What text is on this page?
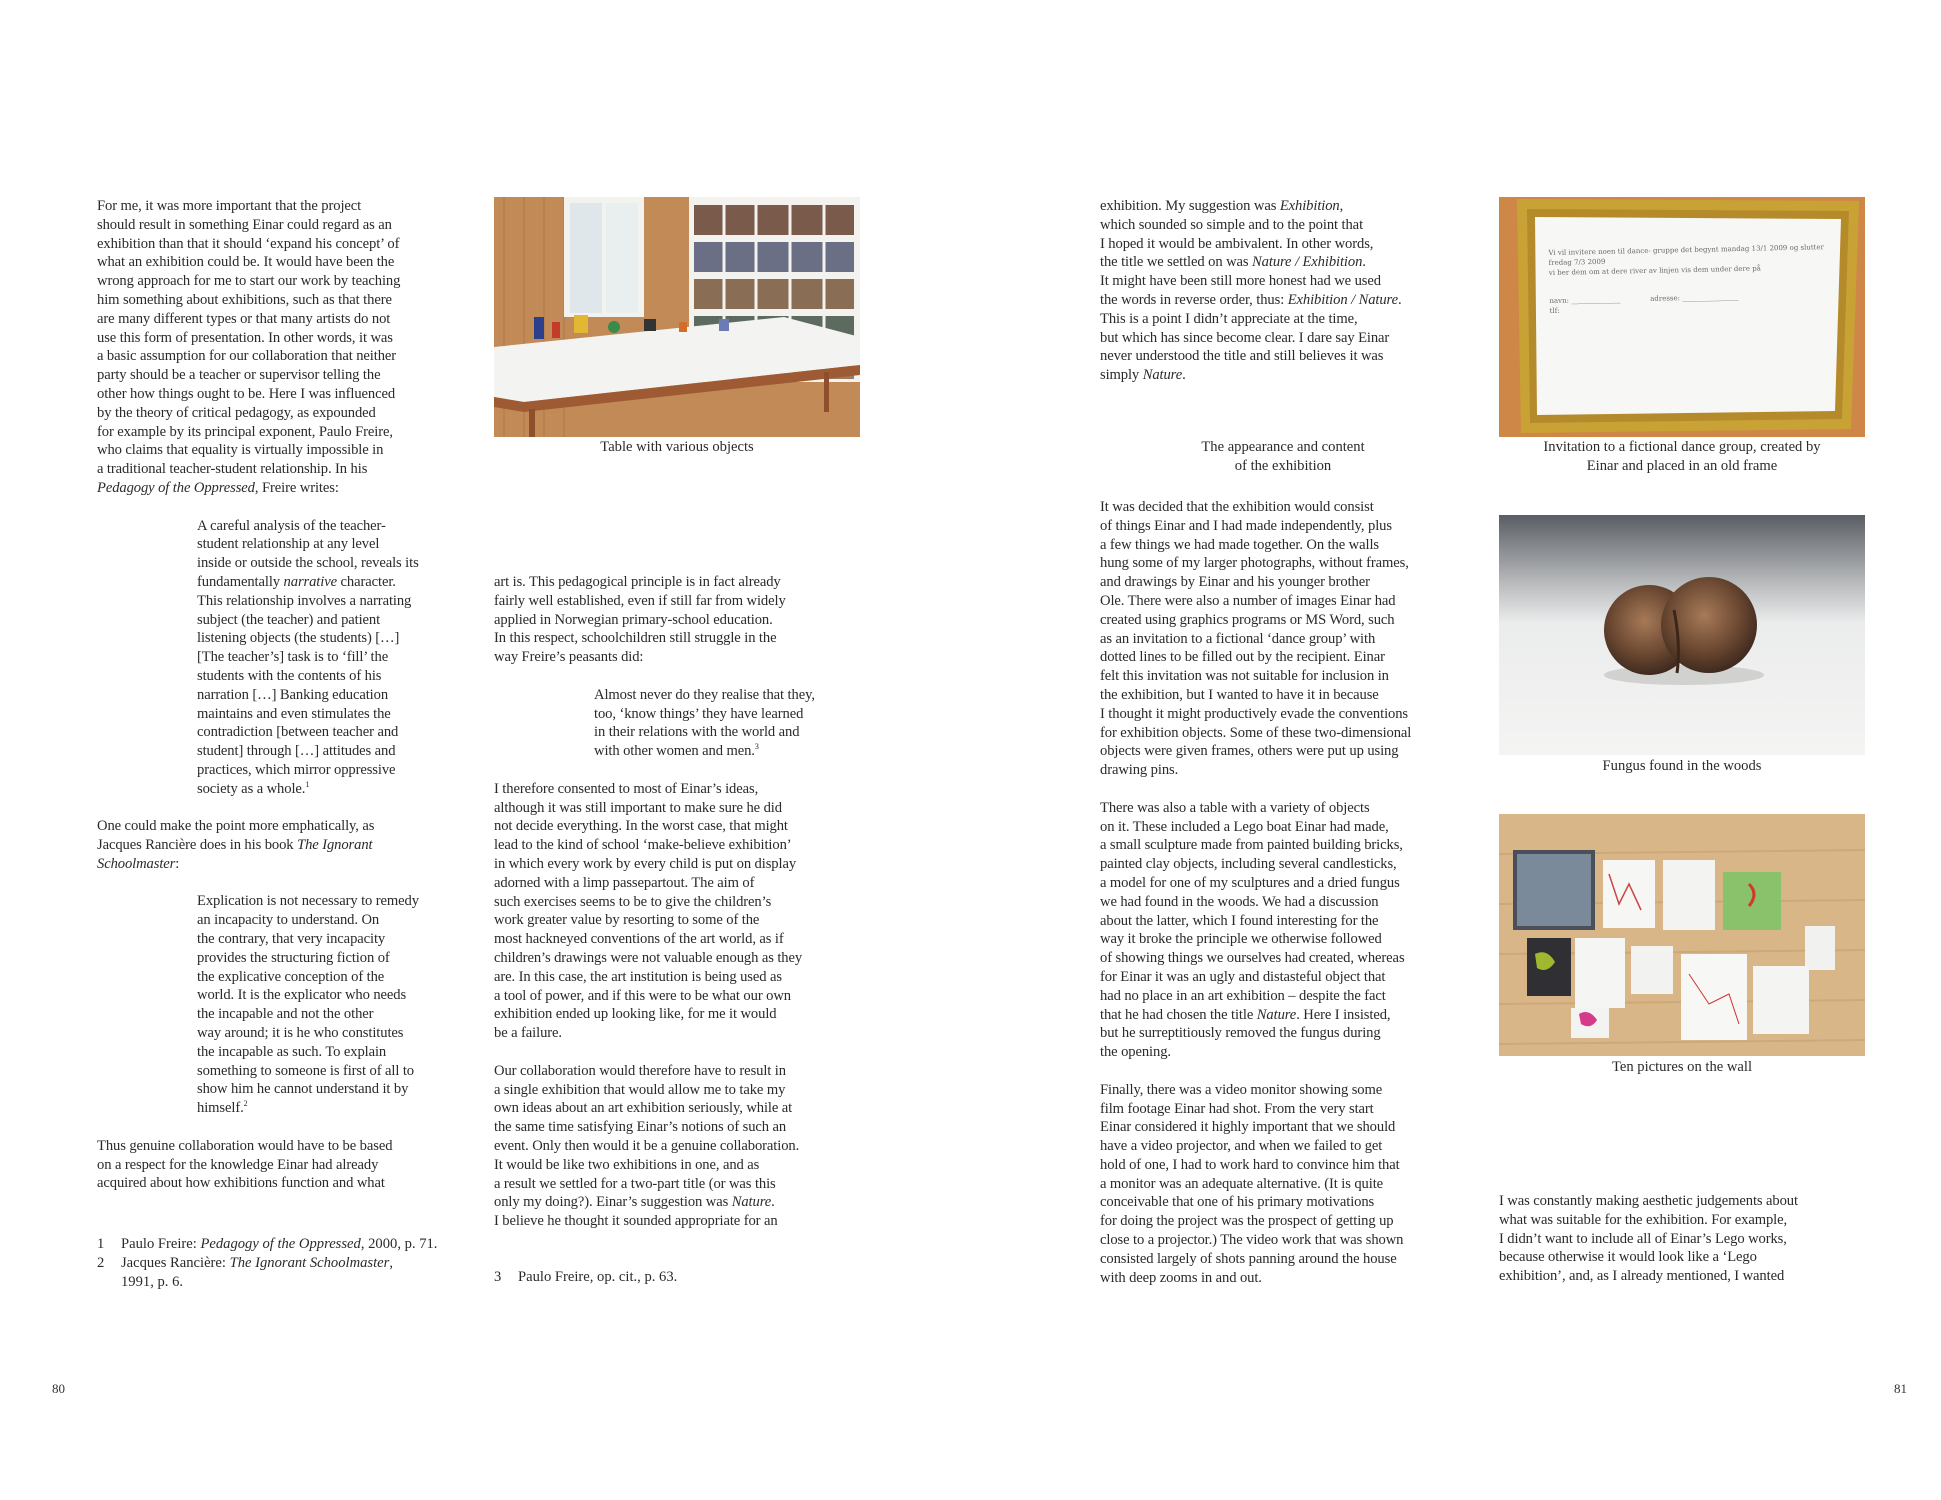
For me, it was more important that the project
should result in something Einar could regard as an
exhibition than that it should ‘expand his concept’ of
what an exhibition could be. It would have been the
wrong approach for me to start our work by teaching
him something about exhibitions, such as that there
are many different types or that many artists do not
use this form of presentation. In other words, it was
a basic assumption for our collaboration that neither
party should be a teacher or supervisor telling the
other how things ought to be. Here I was influenced
by the theory of critical pedagogy, as expounded
for example by its principal exponent, Paulo Freire,
who claims that equality is virtually impossible in
a traditional teacher-student relationship. In his
Pedagogy of the Oppressed, Freire writes:

A careful analysis of the teacher-
student relationship at any level
inside or outside the school, reveals its
fundamentally narrative character.
This relationship involves a narrating
subject (the teacher) and patient
listening objects (the students) […]
[The teacher’s] task is to ‘fill’ the
students with the contents of his
narration […] Banking education
maintains and even stimulates the
contradiction [between teacher and
student] through […] attitudes and
practices, which mirror oppressive
society as a whole.$^1$

One could make the point more emphatically, as
Jacques Rancière does in his book The Ignorant
Schoolmaster:

Explication is not necessary to remedy
an incapacity to understand. On
the contrary, that very incapacity
provides the structuring fiction of
the explicative conception of the
world. It is the explicator who needs
the incapable and not the other
way around; it is he who constitutes
the incapable as such. To explain
something to someone is first of all to
show him he cannot understand it by
himself.$^2$

Thus genuine collaboration would have to be based
on a respect for the knowledge Einar had already
acquired about how exhibitions function and what

1	Paulo Freire: Pedagogy of the Oppressed, 2000, p. 71.
2	Jacques Rancière: The Ignorant Schoolmaster,
1991, p. 6.
Table with various objects

art is. This pedagogical principle is in fact already
fairly well established, even if still far from widely
applied in Norwegian primary-school education.
In this respect, schoolchildren still struggle in the
way Freire’s peasants did:

Almost never do they realise that they,
too, ‘know things’ they have learned
in their relations with the world and
with other women and men.$^3$

I therefore consented to most of Einar’s ideas,
although it was still important to make sure he did
not decide everything. In the worst case, that might
lead to the kind of school ‘make-believe exhibition’
in which every work by every child is put on display
adorned with a limp passepartout. The aim of
such exercises seems to be to give the children’s
work greater value by resorting to some of the
most hackneyed conventions of the art world, as if
children’s drawings were not valuable enough as they
are. In this case, the art institution is being used as
a tool of power, and if this were to be what our own
exhibition ended up looking like, for me it would
be a failure.

Our collaboration would therefore have to result in
a single exhibition that would allow me to take my
own ideas about an art exhibition seriously, while at
the same time satisfying Einar’s notions of such an
event. Only then would it be a genuine collaboration.
It would be like two exhibitions in one, and as
a result we settled for a two-part title (or was this
only my doing?). Einar’s suggestion was Nature.
I believe he thought it sounded appropriate for an

3	Paulo Freire, op. cit., p. 63.
80

exhibition. My suggestion was Exhibition,
which sounded so simple and to the point that
I hoped it would be ambivalent. In other words,
the title we settled on was Nature / Exhibition.
It might have been still more honest had we used
the words in reverse order, thus: Exhibition / Nature.
This is a point I didn’t appreciate at the time,
but which has since become clear. I dare say Einar
never understood the title and still believes it was
simply Nature.

The appearance and content
of the exhibition

It was decided that the exhibition would consist
of things Einar and I had made independently, plus
a few things we had made together. On the walls
hung some of my larger photographs, without frames,
and drawings by Einar and his younger brother
Ole. There were also a number of images Einar had
created using graphics programs or MS Word, such
as an invitation to a fictional ‘dance group’ with
dotted lines to be filled out by the recipient. Einar
felt this invitation was not suitable for inclusion in
the exhibition, but I wanted to have it in because
I thought it might productively evade the conventions
for exhibition objects. Some of these two-dimensional
objects were given frames, others were put up using
drawing pins.

There was also a table with a variety of objects
on it. These included a Lego boat Einar had made,
a small sculpture made from painted building bricks,
painted clay objects, including several candlesticks,
a model for one of my sculptures and a dried fungus
we had found in the woods. We had a discussion
about the latter, which I found interesting for the
way it broke the principle we otherwise followed
of showing things we ourselves had created, whereas
for Einar it was an ugly and distasteful object that
had no place in an art exhibition – despite the fact
that he had chosen the title Nature. Here I insisted,
but he surreptitiously removed the fungus during
the opening.

Finally, there was a video monitor showing some
film footage Einar had shot. From the very start
Einar considered it highly important that we should
have a video projector, and when we failed to get
hold of one, I had to work hard to convince him that
a monitor was an adequate alternative. (It is quite
conceivable that one of his primary motivations
for doing the project was the prospect of getting up
close to a projector.) The video work that was shown
consisted largely of shots panning around the house
with deep zooms in and out.

Vi vil invitere noen til dance- gruppe det begynt mandag 13/1 2009 og slutter
fredag 7/3 2009
vi ber dem om at dere river av linjen vis dem under dere på
navn: ______________	adresse: ________________
tlf:
Invitation to a fictional dance group, created by
Einar and placed in an old frame
Fungus found in the woods
Ten pictures on the wall

I was constantly making aesthetic judgements about
what was suitable for the exhibition. For example,
I didn’t want to include all of Einar’s Lego works,
because otherwise it would look like a ‘Lego
exhibition’, and, as I already mentioned, I wanted

81
